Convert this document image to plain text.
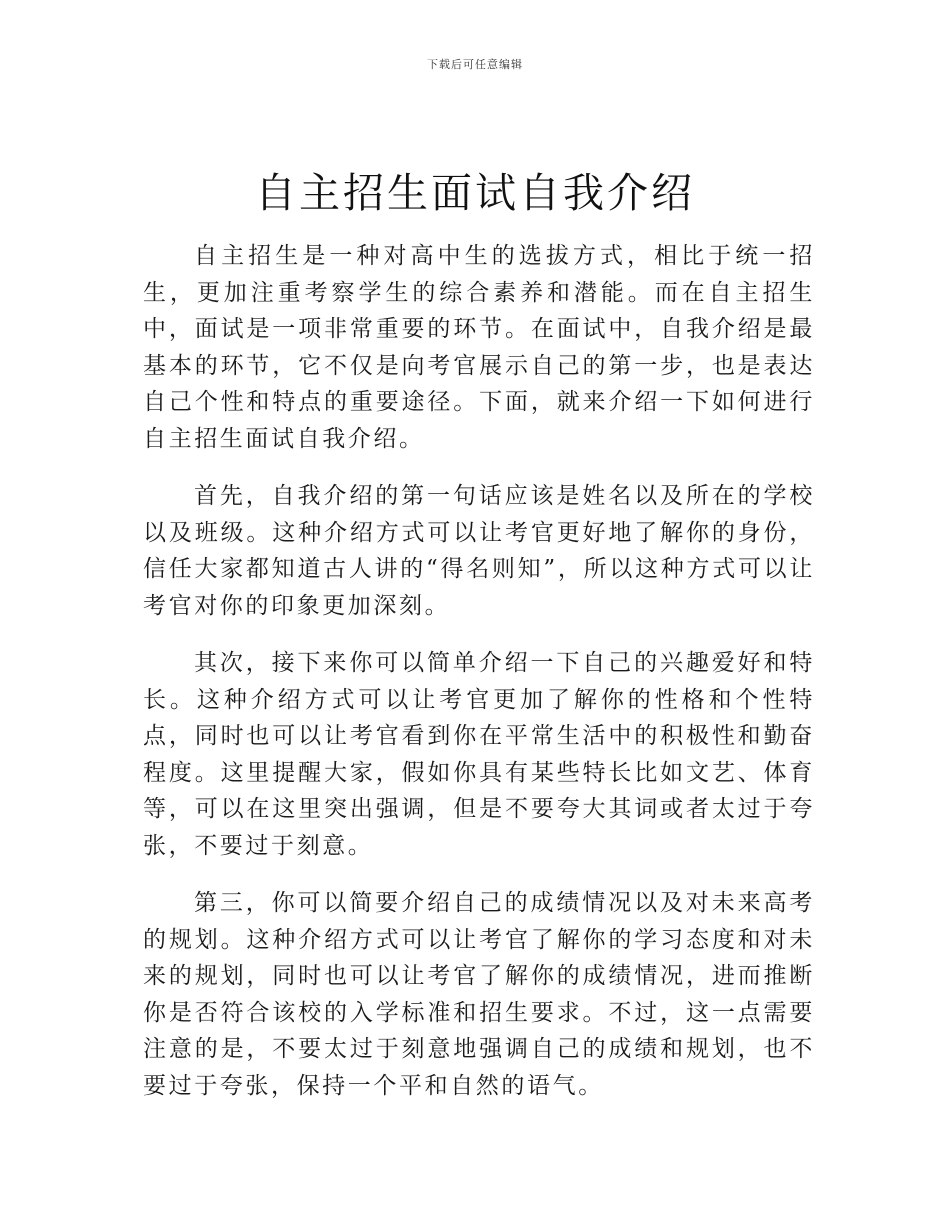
下载后可任意编辑
自主招生面试自我介绍

自主招生是一种对高中生的选拔方式，相比于统一招生，更加注重考察学生的综合素养和潜能。而在自主招生中，面试是一项非常重要的环节。在面试中，自我介绍是最基本的环节，它不仅是向考官展示自己的第一步，也是表达自己个性和特点的重要途径。下面，就来介绍一下如何进行自主招生面试自我介绍。

首先，自我介绍的第一句话应该是姓名以及所在的学校以及班级。这种介绍方式可以让考官更好地了解你的身份，信任大家都知道古人讲的“得名则知”，所以这种方式可以让考官对你的印象更加深刻。

其次，接下来你可以简单介绍一下自己的兴趣爱好和特长。这种介绍方式可以让考官更加了解你的性格和个性特点，同时也可以让考官看到你在平常生活中的积极性和勤奋程度。这里提醒大家，假如你具有某些特长比如文艺、体育等，可以在这里突出强调，但是不要夸大其词或者太过于夸张，不要过于刻意。

第三，你可以简要介绍自己的成绩情况以及对未来高考的规划。这种介绍方式可以让考官了解你的学习态度和对未来的规划，同时也可以让考官了解你的成绩情况，进而推断你是否符合该校的入学标准和招生要求。不过，这一点需要注意的是，不要太过于刻意地强调自己的成绩和规划，也不要过于夸张，保持一个平和自然的语气。
